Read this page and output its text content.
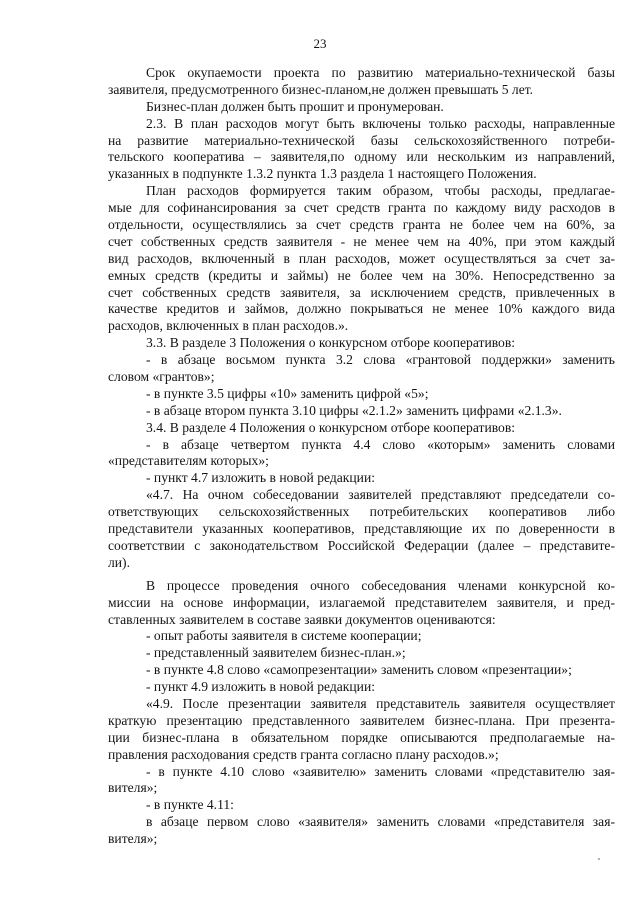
23
Срок окупаемости проекта по развитию материально-технической базы
заявителя, предусмотренного бизнес-планом,не должен превышать 5 лет.
Бизнес-план должен быть прошит и пронумерован.
2.3. В план расходов могут быть включены только расходы, направленные
на развитие материально-технической базы сельскохозяйственного потреби-
тельского кооператива – заявителя,по одному или нескольким из направлений,
указанных в подпункте 1.3.2 пункта 1.3 раздела 1 настоящего Положения.
План расходов формируется таким образом, чтобы расходы, предлагае-
мые для софинансирования за счет средств гранта по каждому виду расходов в
отдельности, осуществлялись за счет средств гранта не более чем на 60%, за
счет собственных средств заявителя - не менее чем на 40%, при этом каждый
вид расходов, включенный в план расходов, может осуществляться за счет за-
емных средств (кредиты и займы) не более чем на 30%. Непосредственно за
счет собственных средств заявителя, за исключением средств, привлеченных в
качестве кредитов и займов, должно покрываться не менее 10% каждого вида
расходов, включенных в план расходов.».
3.3. В разделе 3 Положения о конкурсном отборе кооперативов:
- в абзаце восьмом пункта 3.2 слова «грантовой поддержки» заменить
словом «грантов»;
- в пункте 3.5 цифры «10» заменить цифрой «5»;
- в абзаце втором пункта 3.10 цифры «2.1.2» заменить цифрами «2.1.3».
3.4. В разделе 4 Положения о конкурсном отборе кооперативов:
- в абзаце четвертом пункта 4.4 слово «которым» заменить словами
«представителям которых»;
- пункт 4.7 изложить в новой редакции:
«4.7. На очном собеседовании заявителей представляют председатели со-
ответствующих сельскохозяйственных потребительских кооперативов либо
представители указанных кооперативов, представляющие их по доверенности в
соответствии с законодательством Российской Федерации (далее – представите-
ли).
В процессе проведения очного собеседования членами конкурсной ко-
миссии на основе информации, излагаемой представителем заявителя, и пред-
ставленных заявителем в составе заявки документов оцениваются:
- опыт работы заявителя в системе кооперации;
- представленный заявителем бизнес-план.»;
- в пункте 4.8 слово «самопрезентации» заменить словом «презентации»;
- пункт 4.9 изложить в новой редакции:
«4.9. После презентации заявителя представитель заявителя осуществляет
краткую презентацию представленного заявителем бизнес-плана. При презента-
ции бизнес-плана в обязательном порядке описываются предполагаемые на-
правления расходования средств гранта согласно плану расходов.»;
- в пункте 4.10 слово «заявителю» заменить словами «представителю зая-
вителя»;
- в пункте 4.11:
в абзаце первом слово «заявителя» заменить словами «представителя зая-
вителя»;
